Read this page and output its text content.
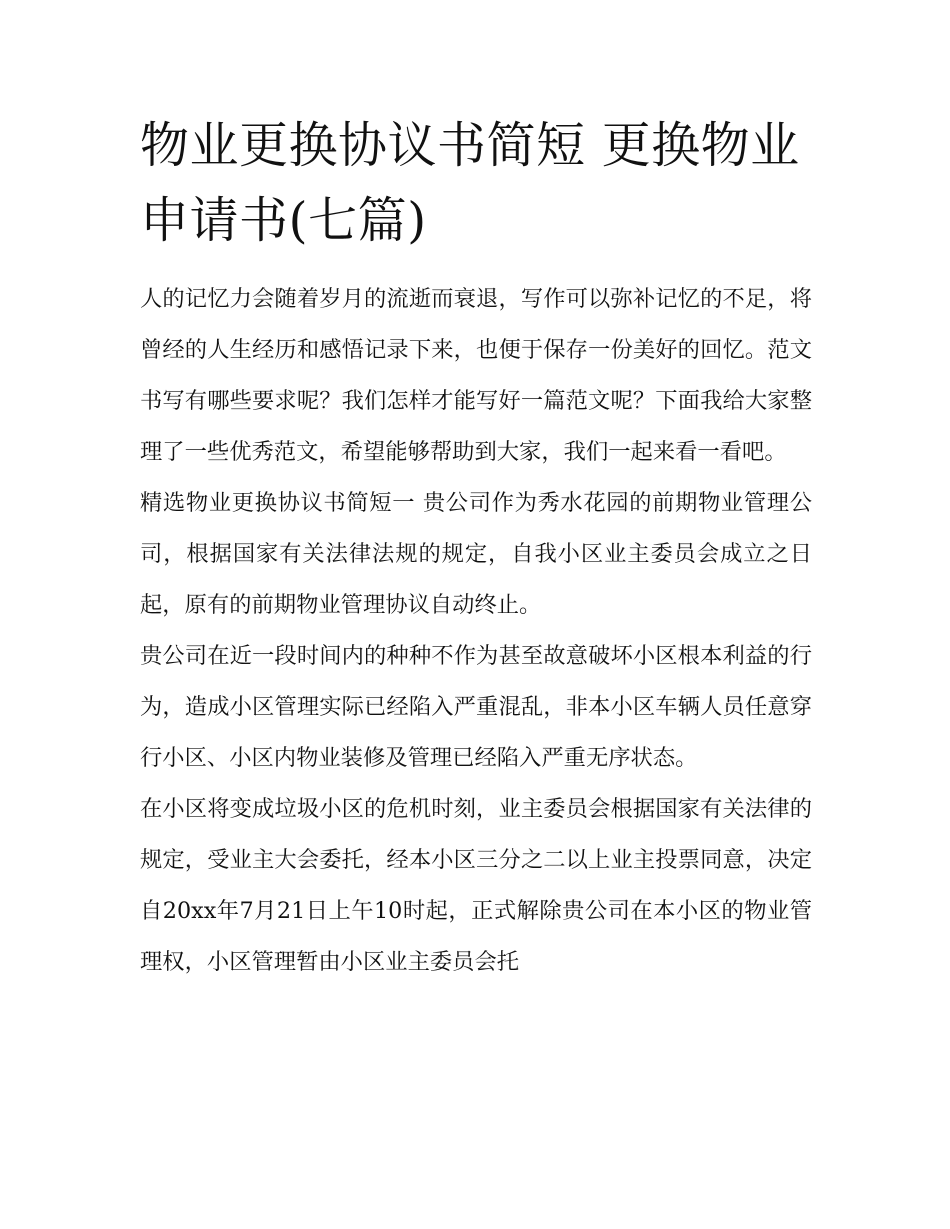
物业更换协议书简短 更换物业申请书(七篇)

人的记忆力会随着岁月的流逝而衰退，写作可以弥补记忆的不足，将曾经的人生经历和感悟记录下来，也便于保存一份美好的回忆。范文书写有哪些要求呢？我们怎样才能写好一篇范文呢？下面我给大家整理了一些优秀范文，希望能够帮助到大家，我们一起来看一看吧。

精选物业更换协议书简短一 贵公司作为秀水花园的前期物业管理公司，根据国家有关法律法规的规定，自我小区业主委员会成立之日起，原有的前期物业管理协议自动终止。

贵公司在近一段时间内的种种不作为甚至故意破坏小区根本利益的行为，造成小区管理实际已经陷入严重混乱，非本小区车辆人员任意穿行小区、小区内物业装修及管理已经陷入严重无序状态。

在小区将变成垃圾小区的危机时刻，业主委员会根据国家有关法律的规定，受业主大会委托，经本小区三分之二以上业主投票同意，决定自20xx年7月21日上午10时起，正式解除贵公司在本小区的物业管理权，小区管理暂由小区业主委员会托
